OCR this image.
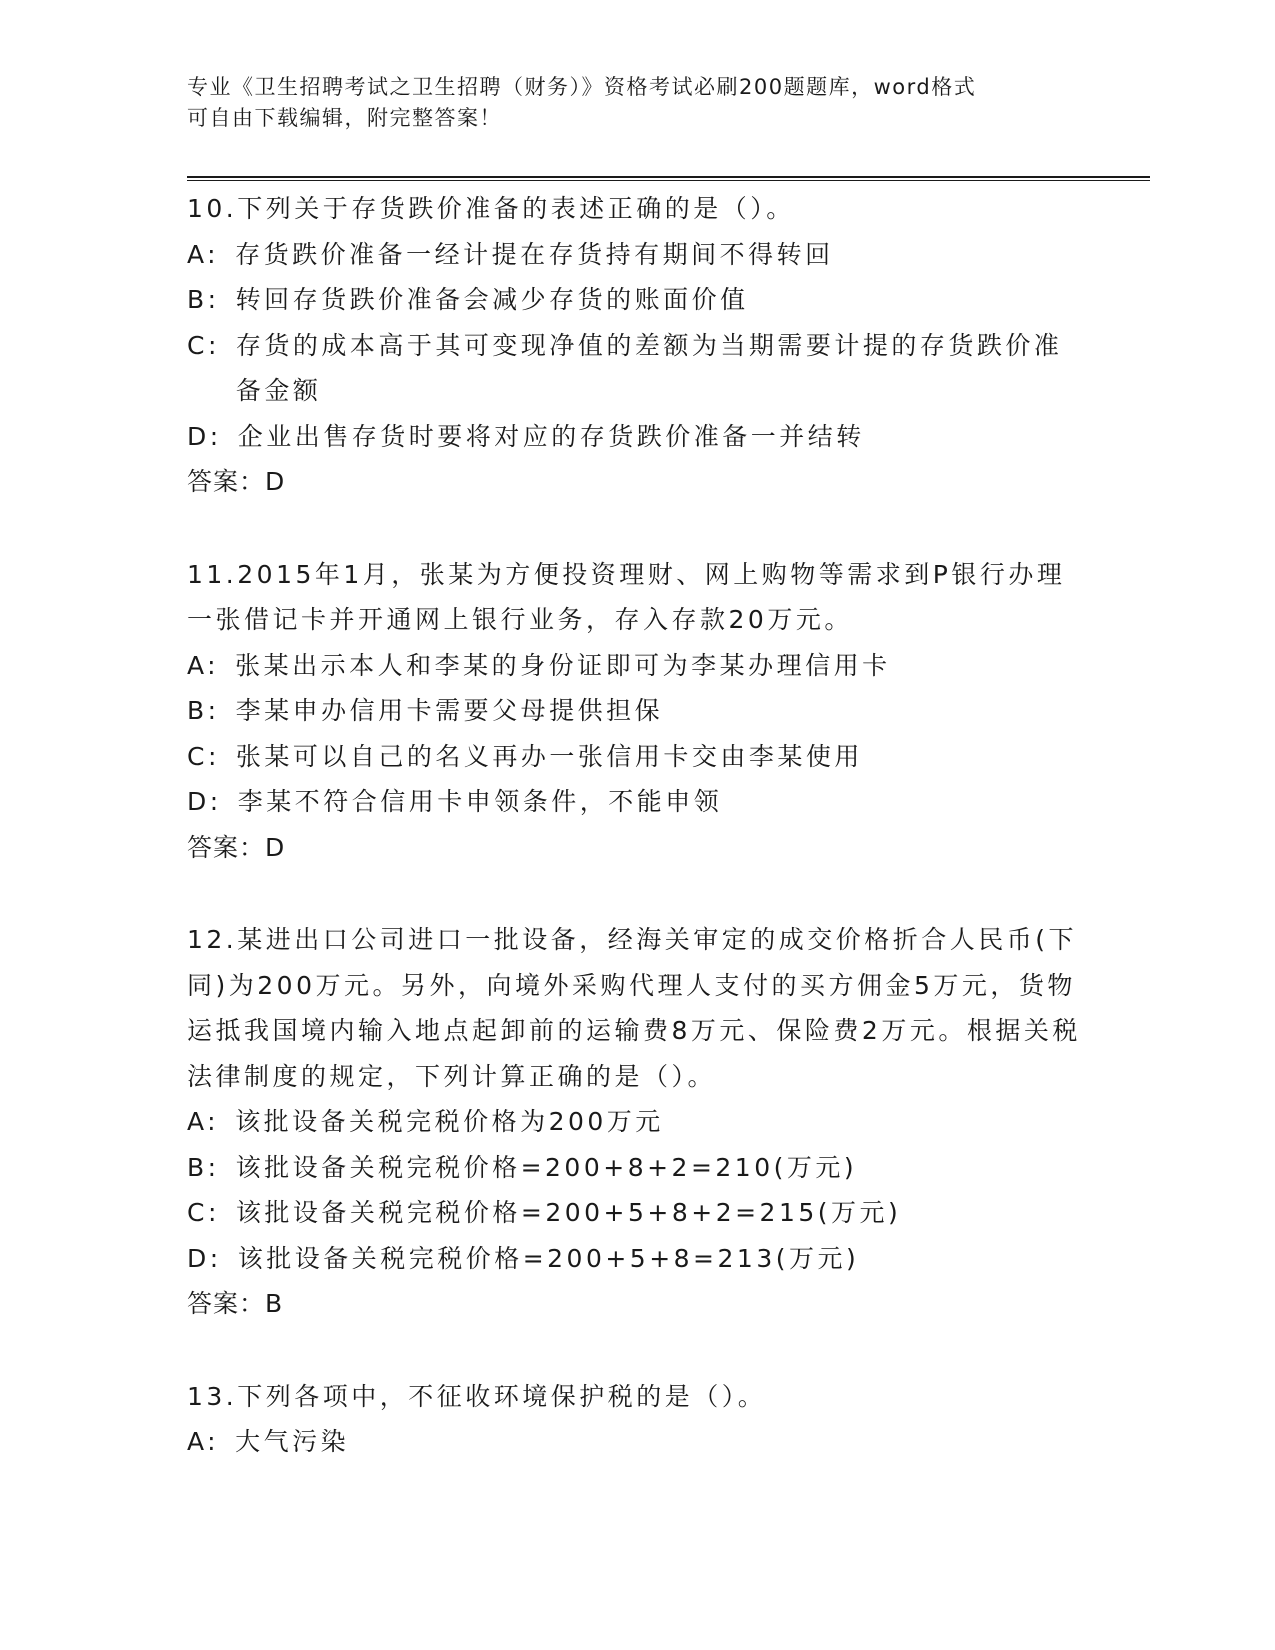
专业《卫生招聘考试之卫生招聘（财务）》资格考试必刷200题题库，word格式
可自由下载编辑，附完整答案！
10.下列关于存货跌价准备的表述正确的是（）。
A: 存货跌价准备一经计提在存货持有期间不得转回
B: 转回存货跌价准备会减少存货的账面价值
C: 存货的成本高于其可变现净值的差额为当期需要计提的存货跌价准备金额
D: 企业出售存货时要将对应的存货跌价准备一并结转
答案：D
11.2015年1月，张某为方便投资理财、网上购物等需求到P银行办理一张借记卡并开通网上银行业务，存入存款20万元。
A: 张某出示本人和李某的身份证即可为李某办理信用卡
B: 李某申办信用卡需要父母提供担保
C: 张某可以自己的名义再办一张信用卡交由李某使用
D: 李某不符合信用卡申领条件，不能申领
答案：D
12.某进出口公司进口一批设备，经海关审定的成交价格折合人民币(下同)为200万元。另外，向境外采购代理人支付的买方佣金5万元，货物运抵我国境内输入地点起卸前的运输费8万元、保险费2万元。根据关税法律制度的规定，下列计算正确的是（）。
A: 该批设备关税完税价格为200万元
B: 该批设备关税完税价格=200+8+2=210(万元)
C: 该批设备关税完税价格=200+5+8+2=215(万元)
D: 该批设备关税完税价格=200+5+8=213(万元)
答案：B
13.下列各项中，不征收环境保护税的是（）。
A: 大气污染
